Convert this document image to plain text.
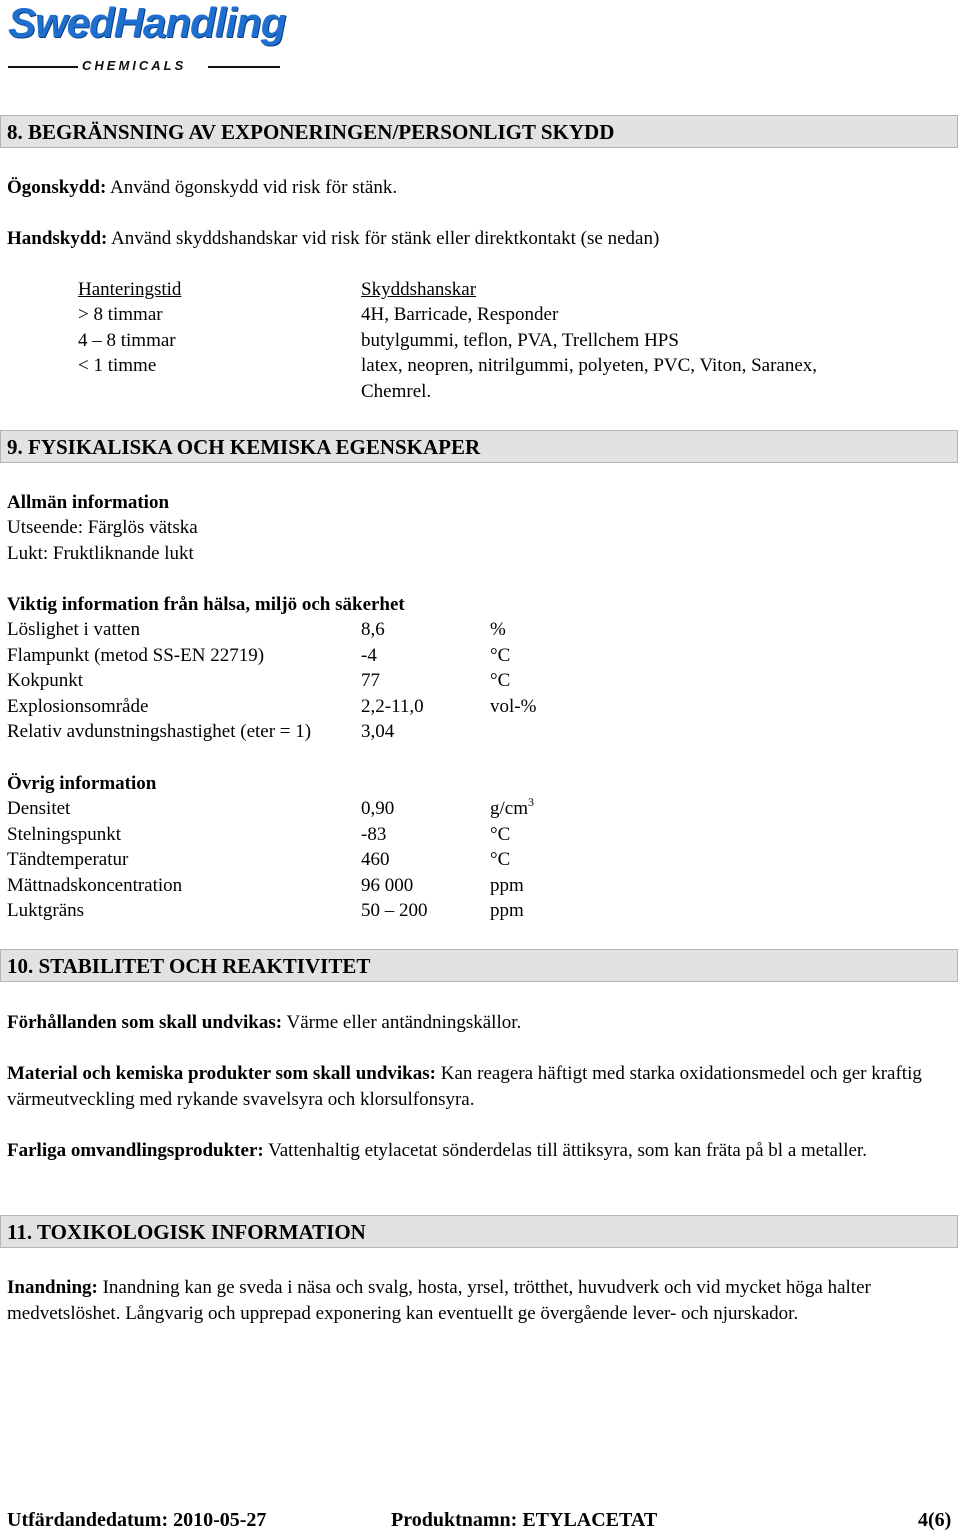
SwedHandling
CHEMICALS
8. BEGRÄNSNING AV EXPONERINGEN/PERSONLIGT SKYDD
Ögonskydd: Använd ögonskydd vid risk för stänk.
Handskydd: Använd skyddshandskar vid risk för stänk eller direktkontakt (se nedan)
Hanteringstid	Skyddshanskar
> 8 timmar	4H, Barricade, Responder
4 – 8 timmar	butylgummi, teflon, PVA, Trellchem HPS
< 1 timme	latex, neopren, nitrilgummi, polyeten, PVC, Viton, Saranex,
Chemrel.
9. FYSIKALISKA OCH KEMISKA EGENSKAPER
Allmän information
Utseende: Färglös vätska
Lukt: Fruktliknande lukt
Viktig information från hälsa, miljö och säkerhet
Löslighet i vatten	8,6	%
Flampunkt (metod SS-EN 22719)	-4	°C
Kokpunkt	77	°C
Explosionsområde	2,2-11,0	vol-%
Relativ avdunstningshastighet (eter = 1)	3,04
Övrig information
Densitet	0,90	$g/cm^3$
Stelningspunkt	-83	°C
Tändtemperatur	460	°C
Mättnadskoncentration	96 000	ppm
Luktgräns	50 – 200	ppm
10. STABILITET OCH REAKTIVITET
Förhållanden som skall undvikas: Värme eller antändningskällor.
Material och kemiska produkter som skall undvikas: Kan reagera häftigt med starka oxidationsmedel och ger kraftig värmeutveckling med rykande svavelsyra och klorsulfonsyra.
Farliga omvandlingsprodukter: Vattenhaltig etylacetat sönderdelas till ättiksyra, som kan fräta på bl a metaller.
11. TOXIKOLOGISK INFORMATION
Inandning: Inandning kan ge sveda i näsa och svalg, hosta, yrsel, trötthet, huvudverk och vid mycket höga halter medvetslöshet. Långvarig och upprepad exponering kan eventuellt ge övergående lever- och njurskador.
Utfärdandedatum: 2010-05-27	Produktnamn: ETYLACETAT	4(6)
